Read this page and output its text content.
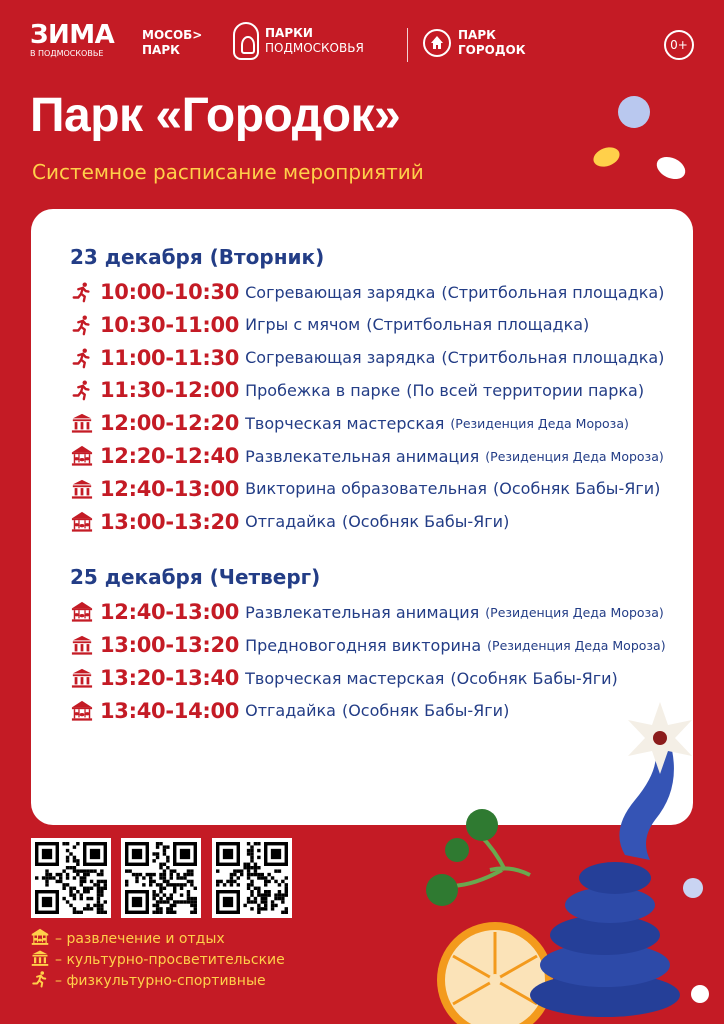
ЗИМА
В ПОДМОСКОВЬЕ
МОСОБ>
ПАРК
ПАРКИ
ПОДМОСКОВЬЯ
ПАРК
ГОРОДОК	0+
Парк «Городок»
Системное расписание мероприятий
23 декабря (Вторник)
10:00-10:30 Согревающая зарядка (Стритбольная площадка)
10:30-11:00 Игры с мячом (Стритбольная площадка)
11:00-11:30 Согревающая зарядка (Стритбольная площадка)
11:30-12:00 Пробежка в парке (По всей территории парка)
12:00-12:20 Творческая мастерская (Резиденция Деда Мороза)
12:20-12:40 Развлекательная анимация (Резиденция Деда Мороза)
12:40-13:00 Викторина образовательная (Особняк Бабы-Яги)
13:00-13:20 Отгадайка (Особняк Бабы-Яги)
25 декабря (Четверг)
12:40-13:00 Развлекательная анимация (Резиденция Деда Мороза)
13:00-13:20 Предновогодняя викторина (Резиденция Деда Мороза)
13:20-13:40 Творческая мастерская (Особняк Бабы-Яги)
13:40-14:00 Отгадайка (Особняк Бабы-Яги)
– развлечение и отдых
– культурно-просветительские
– физкультурно-спортивные
